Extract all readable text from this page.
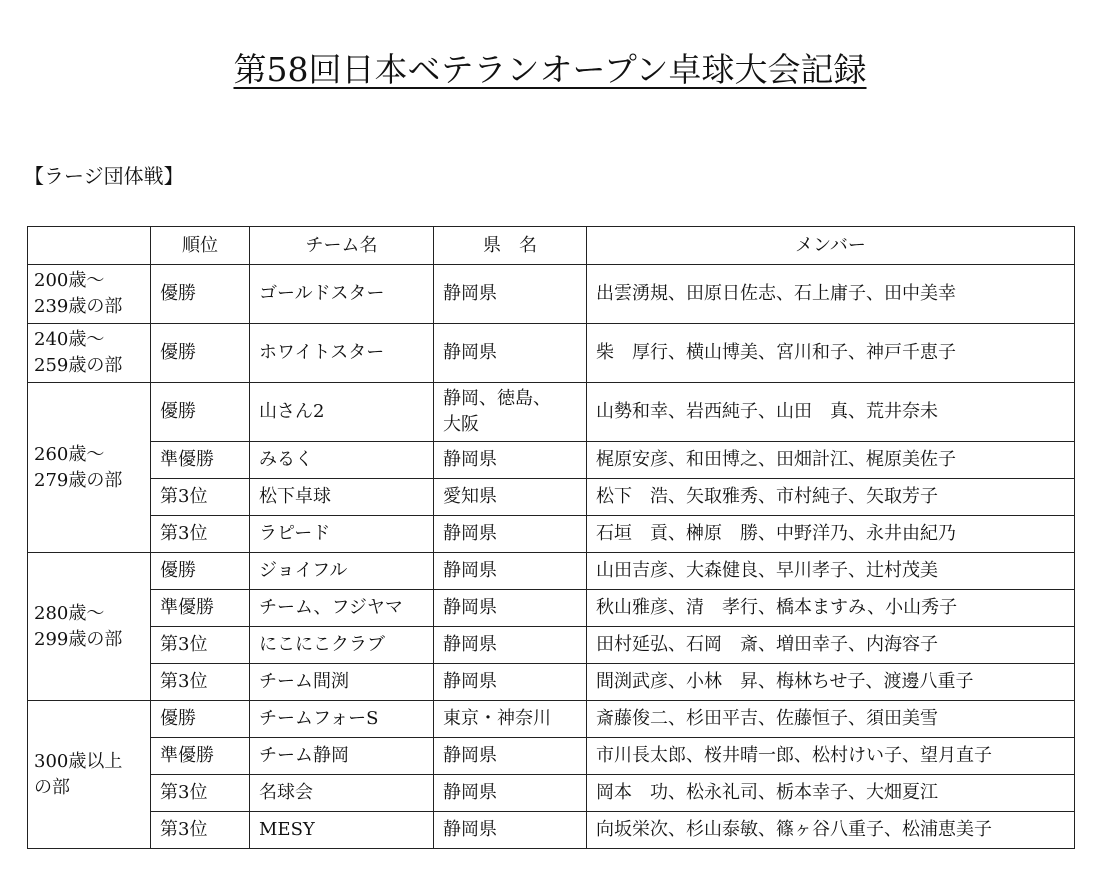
第58回日本ベテランオープン卓球大会記録
【ラージ団体戦】
	順位	チーム名	県　名	メンバー
200歳～
239歳の部	優勝	ゴールドスター	静岡県	出雲湧規、田原日佐志、石上庸子、田中美幸
240歳～
259歳の部	優勝	ホワイトスター	静岡県	柴　厚行、横山博美、宮川和子、神戸千恵子
260歳～
279歳の部	優勝	山さん2	静岡、徳島、
大阪	山勢和幸、岩西純子、山田　真、荒井奈未
	準優勝	みるく	静岡県	梶原安彦、和田博之、田畑計江、梶原美佐子
	第3位	松下卓球	愛知県	松下　浩、矢取雅秀、市村純子、矢取芳子
	第3位	ラピード	静岡県	石垣　貢、榊原　勝、中野洋乃、永井由紀乃
280歳～
299歳の部	優勝	ジョイフル	静岡県	山田吉彦、大森健良、早川孝子、辻村茂美
	準優勝	チーム、フジヤマ	静岡県	秋山雅彦、清　孝行、橋本ますみ、小山秀子
	第3位	にこにこクラブ	静岡県	田村延弘、石岡　斎、増田幸子、内海容子
	第3位	チーム間渕	静岡県	間渕武彦、小林　昇、梅林ちせ子、渡邊八重子
300歳以上
の部	優勝	チームフォーS	東京・神奈川	斎藤俊二、杉田平吉、佐藤恒子、須田美雪
	準優勝	チーム静岡	静岡県	市川長太郎、桜井晴一郎、松村けい子、望月直子
	第3位	名球会	静岡県	岡本　功、松永礼司、栃本幸子、大畑夏江
	第3位	MESY	静岡県	向坂栄次、杉山泰敏、篠ヶ谷八重子、松浦恵美子
